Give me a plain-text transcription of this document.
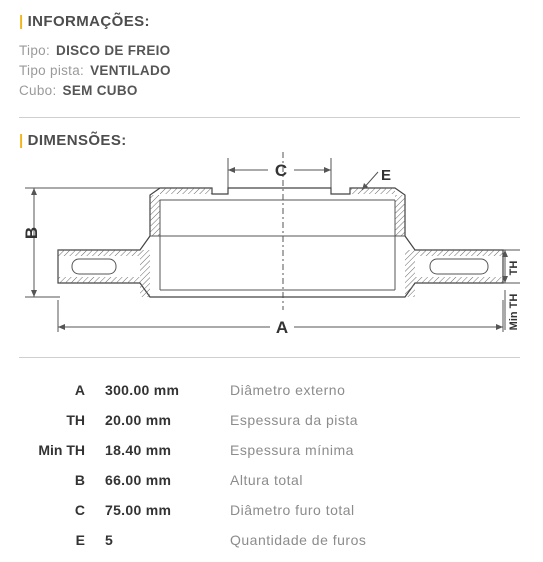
| INFORMAÇÕES:
Tipo: DISCO DE FREIO
Tipo pista: VENTILADO
Cubo: SEM CUBO
| DIMENSÕES:
C	E
B
A
TH
Min TH
A 300.00 mm	Diâmetro externo
TH 20.00 mm	Espessura da pista
Min TH 18.40 mm	Espessura mínima
B 66.00 mm	Altura total
C 75.00 mm	Diâmetro furo total
E 5	Quantidade de furos
